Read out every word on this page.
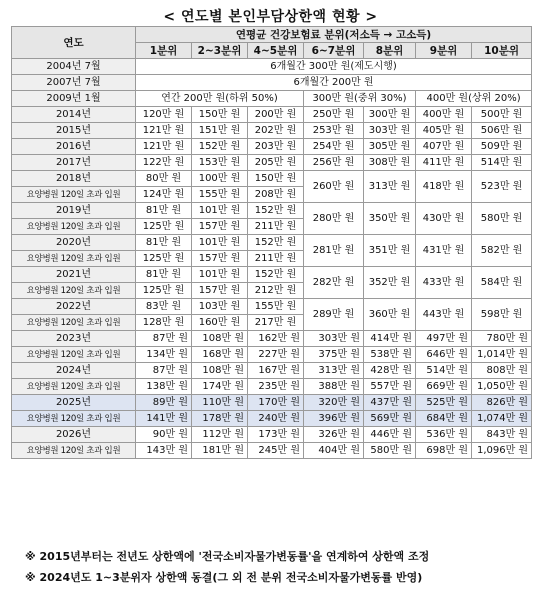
< 연도별 본인부담상한액 현황 >
연도	연평균 건강보험료 분위(저소득 → 고소득)						
	1분위	2~3분위	4~5분위	6~7분위	8분위	9분위	10분위
2004년 7월	6개월간 300만 원(제도시행)						
2007년 7월	6개월간 200만 원						
2009년 1월	연간 200만 원(하위 50%)			300만 원(중위 30%)		400만 원(상위 20%)	
2014년	120만 원	150만 원	200만 원	250만 원	300만 원	400만 원	500만 원
2015년	121만 원	151만 원	202만 원	253만 원	303만 원	405만 원	506만 원
2016년	121만 원	152만 원	203만 원	254만 원	305만 원	407만 원	509만 원
2017년	122만 원	153만 원	205만 원	256만 원	308만 원	411만 원	514만 원
2018년	80만 원	100만 원	150만 원	260만 원	313만 원	418만 원	523만 원
요양병원 120일 초과 입원	124만 원	155만 원	208만 원				
2019년	81만 원	101만 원	152만 원	280만 원	350만 원	430만 원	580만 원
요양병원 120일 초과 입원	125만 원	157만 원	211만 원				
2020년	81만 원	101만 원	152만 원	281만 원	351만 원	431만 원	582만 원
요양병원 120일 초과 입원	125만 원	157만 원	211만 원				
2021년	81만 원	101만 원	152만 원	282만 원	352만 원	433만 원	584만 원
요양병원 120일 초과 입원	125만 원	157만 원	212만 원				
2022년	83만 원	103만 원	155만 원	289만 원	360만 원	443만 원	598만 원
요양병원 120일 초과 입원	128만 원	160만 원	217만 원				
2023년	87만 원	108만 원	162만 원	303만 원	414만 원	497만 원	780만 원
요양병원 120일 초과 입원	134만 원	168만 원	227만 원	375만 원	538만 원	646만 원	1,014만 원
2024년	87만 원	108만 원	167만 원	313만 원	428만 원	514만 원	808만 원
요양병원 120일 초과 입원	138만 원	174만 원	235만 원	388만 원	557만 원	669만 원	1,050만 원
2025년	89만 원	110만 원	170만 원	320만 원	437만 원	525만 원	826만 원
요양병원 120일 초과 입원	141만 원	178만 원	240만 원	396만 원	569만 원	684만 원	1,074만 원
2026년	90만 원	112만 원	173만 원	326만 원	446만 원	536만 원	843만 원
요양병원 120일 초과 입원	143만 원	181만 원	245만 원	404만 원	580만 원	698만 원	1,096만 원
※ 2015년부터는 전년도 상한액에 '전국소비자물가변동률'을 연계하여 상한액 조정
※ 2024년도 1~3분위자 상한액 동결(그 외 전 분위 전국소비자물가변동률 반영)
